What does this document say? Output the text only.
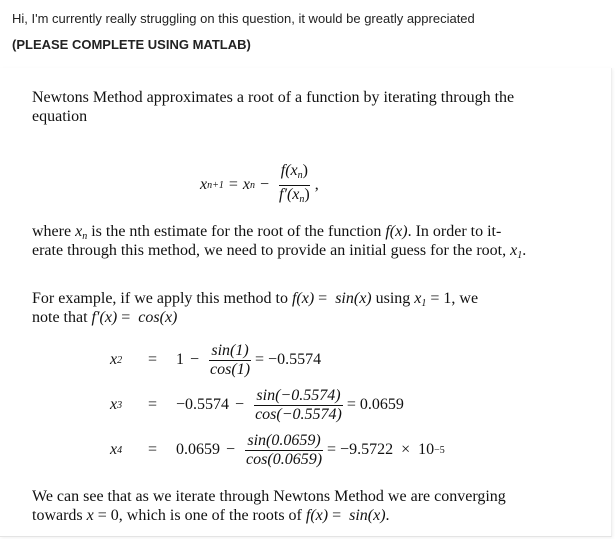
Hi, I'm currently really struggling on this question, it would be greatly appreciated
(PLEASE COMPLETE USING MATLAB)
Newtons Method approximates a root of a function by iterating through the
equation
x n+1 = x $n - \frac{f(x_n)}{f'(x_n)}$ ,
where $x_n$ is the nth estimate for the root of the function f(x). In order to it-
erate through this method, we need to provide an initial guess for the root, $x_1$.
For example, if we apply this method to f(x) =  sin(x) using $x_1 = 1$, we
note that f′(x) =  cos(x)
x $2 = 1 - \frac{\sin(1)}{\cos(1)} = -0.5574$
x $3 = -0.5574 - \frac{\sin(-0.5574)}{\cos(-0.5574)} = 0.0659$
x $4 = 0.0659 - \frac{\sin(0.0659)}{\cos(0.0659)} = -9.5722 \times 10 -5$
We can see that as we iterate through Newtons Method we are converging
towards x = 0, which is one of the roots of f(x) =  sin(x).
